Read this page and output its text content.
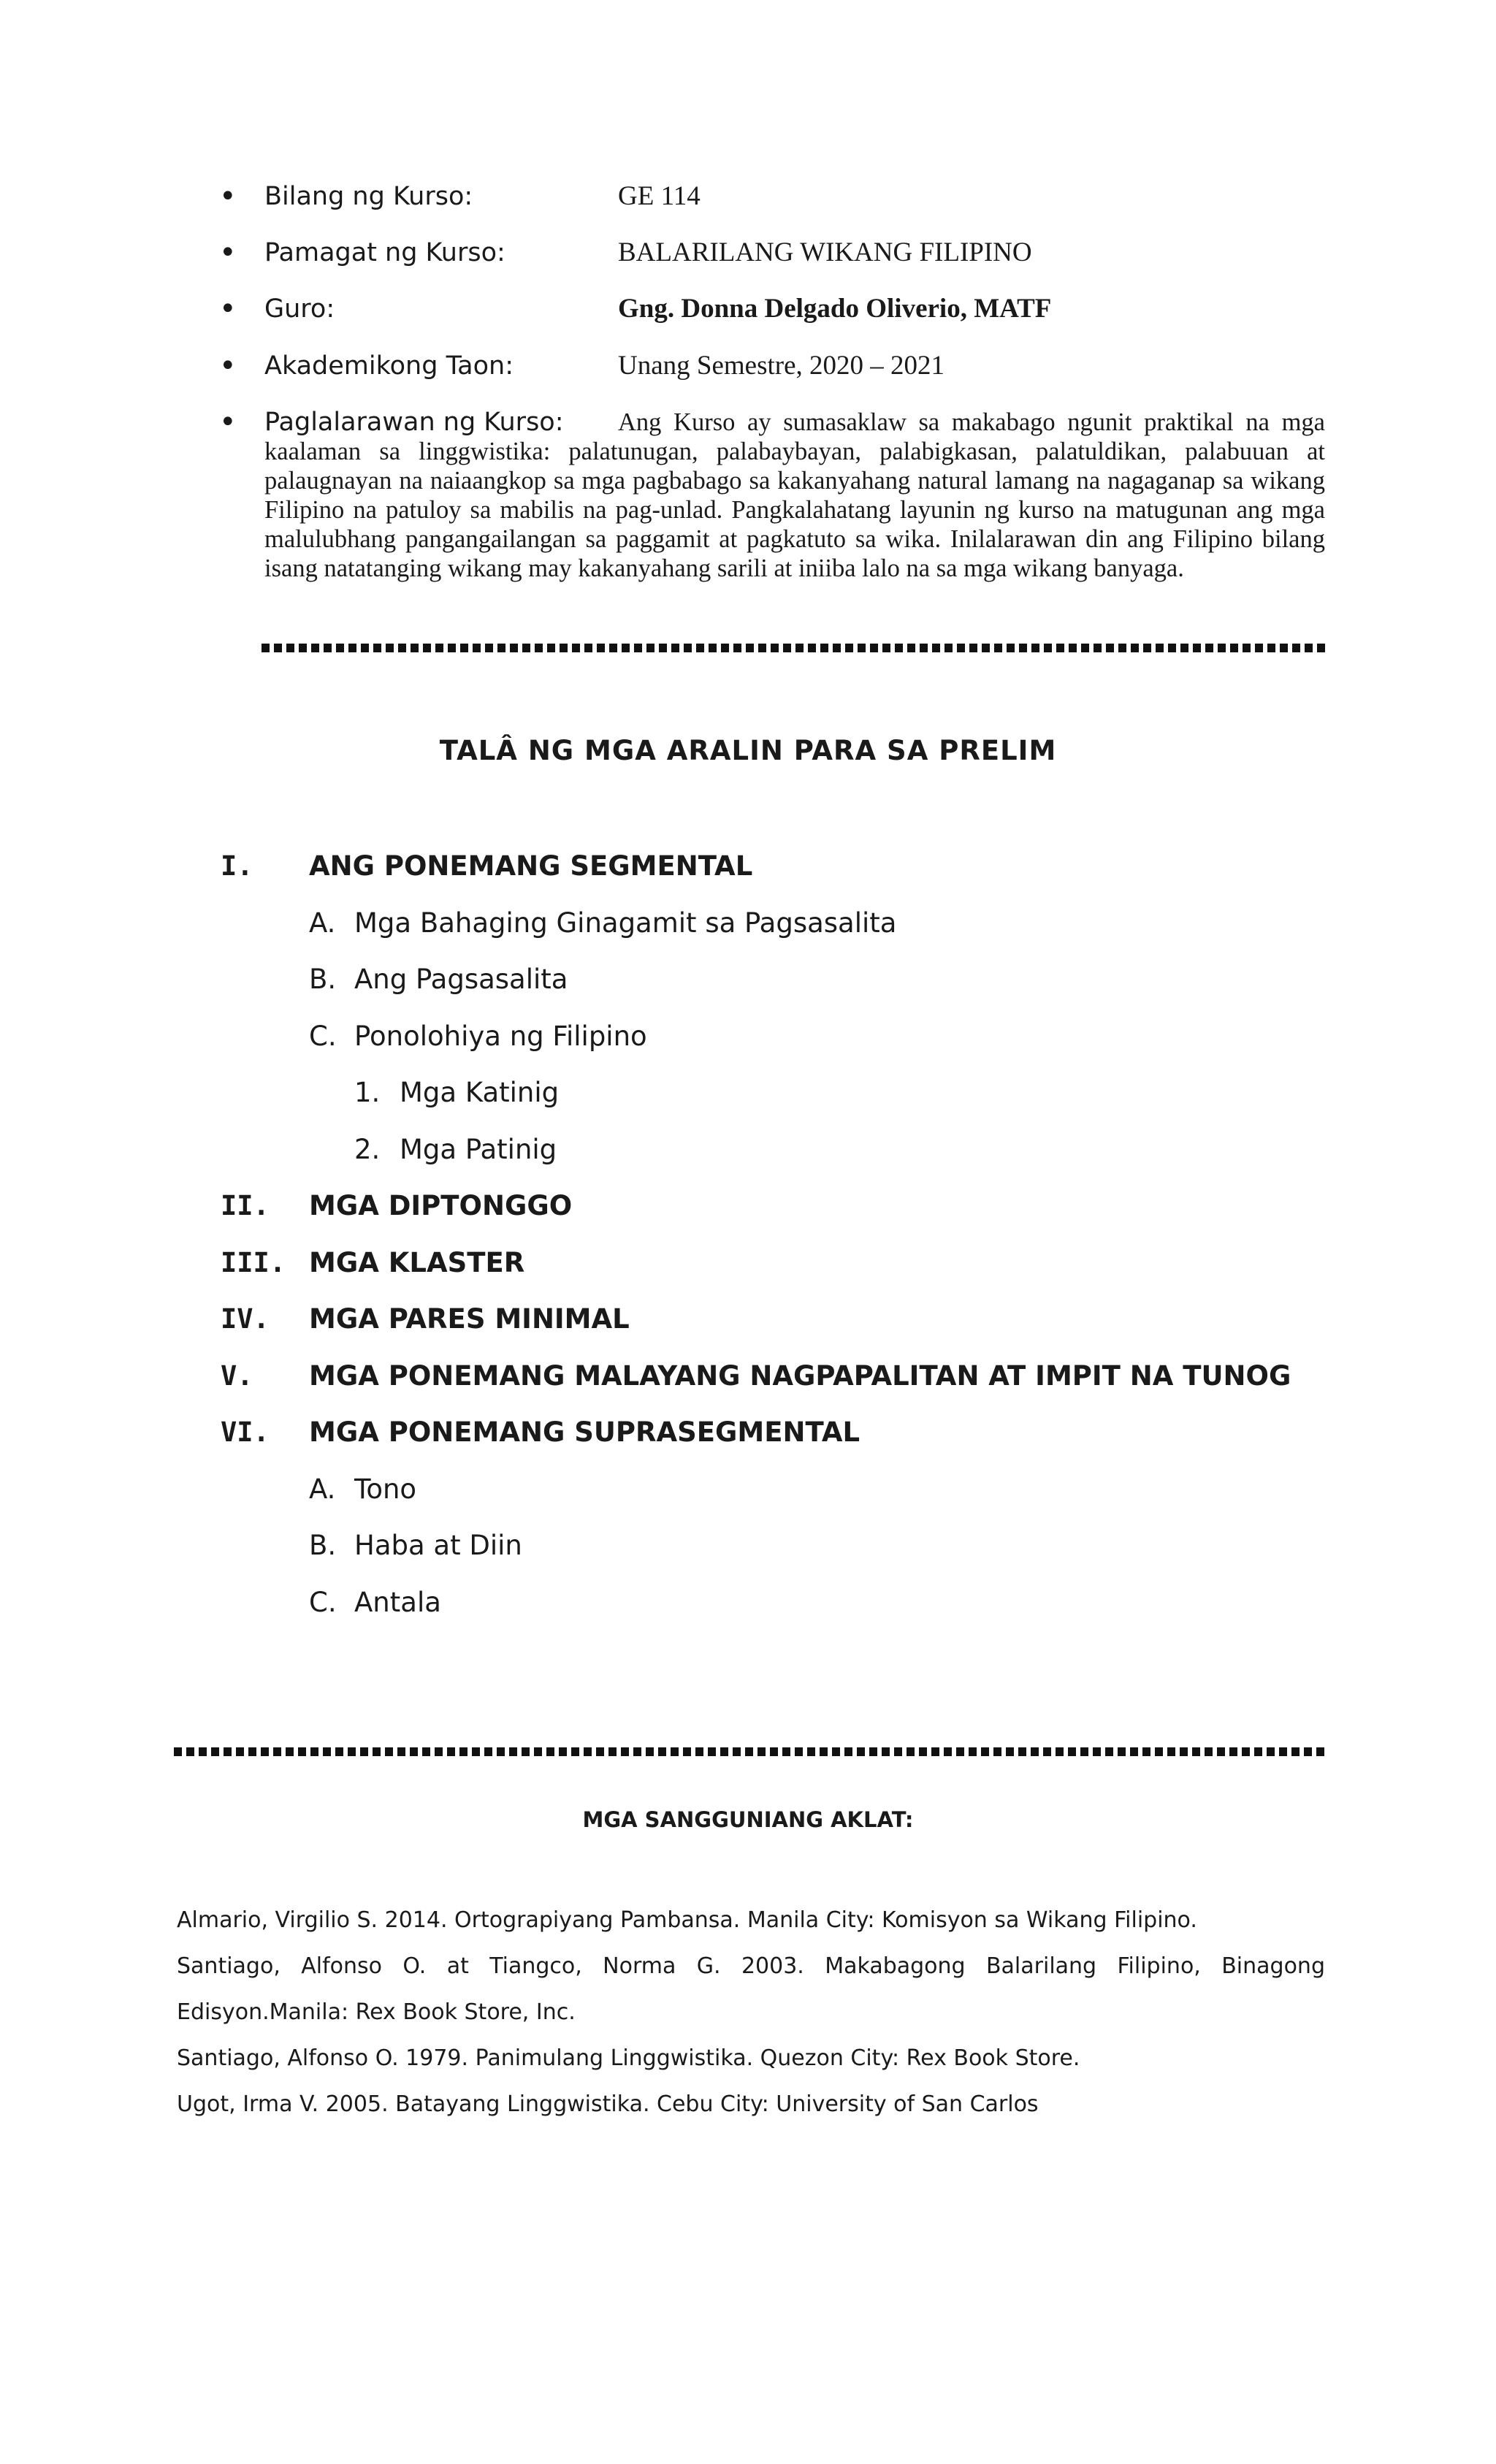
•	Bilang ng Kurso:	GE 114
•	Pamagat ng Kurso:	BALARILANG WIKANG FILIPINO
•	Guro:	Gng. Donna Delgado Oliverio, MATF
•	Akademikong Taon:	Unang Semestre, 2020 – 2021
•	Paglalarawan ng Kurso:	Ang Kurso ay sumasaklaw sa makabago ngunit praktikal na mga kaalaman sa linggwistika: palatunugan, palabaybayan, palabigkasan, palatuldikan, palabuuan at palaugnayan na naiaangkop sa mga pagbabago sa kakanyahang natural lamang na nagaganap sa wikang Filipino na patuloy sa mabilis na pag-unlad. Pangkalahatang layunin ng kurso na matugunan ang mga malulubhang pangangailangan sa paggamit at pagkatuto sa wika. Inilalarawan din ang Filipino bilang isang natatanging wikang may kakanyahang sarili at iniiba lalo na sa mga wikang banyaga.

TALÂ NG MGA ARALIN PARA SA PRELIM
I. ANG PONEMANG SEGMENTAL
A. Mga Bahaging Ginagamit sa Pagsasalita
B. Ang Pagsasalita
C. Ponolohiya ng Filipino
1. Mga Katinig
2. Mga Patinig
II. MGA DIPTONGGO
III. MGA KLASTER
IV. MGA PARES MINIMAL
V. MGA PONEMANG MALAYANG NAGPAPALITAN AT IMPIT NA TUNOG
VI. MGA PONEMANG SUPRASEGMENTAL
A. Tono
B. Haba at Diin
C. Antala
MGA SANGGUNIANG AKLAT:

Almario, Virgilio S. 2014. Ortograpiyang Pambansa. Manila City: Komisyon sa Wikang Filipino.

Santiago, Alfonso O. at Tiangco, Norma G. 2003. Makabagong Balarilang Filipino, Binagong Edisyon.Manila: Rex Book Store, Inc.

Santiago, Alfonso O. 1979. Panimulang Linggwistika. Quezon City: Rex Book Store.

Ugot, Irma V. 2005. Batayang Linggwistika. Cebu City: University of San Carlos
